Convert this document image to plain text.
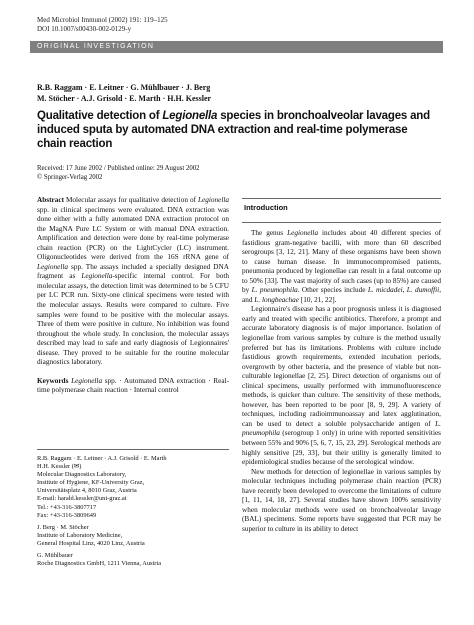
Med Microbiol Immunol (2002) 191: 119–125
DOI 10.1007/s00430-002-0129-y
ORIGINAL INVESTIGATION
R.B. Raggam · E. Leitner · G. Mühlbauer · J. Berg
M. Stöcher · A.J. Grisold · E. Marth · H.H. Kessler
Qualitative detection of Legionella species in bronchoalveolar lavages and induced sputa by automated DNA extraction and real-time polymerase chain reaction
Received: 17 June 2002 / Published online: 29 August 2002
© Springer-Verlag 2002

Abstract Molecular assays for qualitative detection of Legionella spp. in clinical specimens were evaluated. DNA extraction was done either with a fully automated DNA extraction protocol on the MagNA Pure LC System or with manual DNA extraction. Amplification and detection were done by real-time polymerase chain reaction (PCR) on the LightCycler (LC) instrument. Oligonucleotides were derived from the 16S rRNA gene of Legionella spp. The assays included a specially designed DNA fragment as Legionella-specific internal control. For both molecular assays, the detection limit was determined to be 5 CFU per LC PCR run. Sixty-one clinical specimens were tested with the molecular assays. Results were compared to culture. Five samples were found to be positive with the molecular assays. Three of them were positive in culture. No inhibition was found throughout the whole study. In conclusion, the molecular assays described may lead to safe and early diagnosis of Legionnaires' disease. They proved to be suitable for the routine molecular diagnostics laboratory.

Keywords Legionella spp. · Automated DNA extraction · Real-time polymerase chain reaction · Internal control

R.B. Raggam · E. Leitner · A.J. Grisold · E. Marth
H.H. Kessler (✉)
Molecular Diagnostics Laboratory,
Institute of Hygiene, KF-University Graz,
Universitätsplatz 4, 8010 Graz, Austria
E-mail: harald.kessler@uni-graz.at
Tel.: +43-316-3807717
Fax: +43-316-3809649

J. Berg · M. Stöcher
Institute of Laboratory Medicine,
General Hospital Linz, 4020 Linz, Austria

G. Mühlbauer
Roche Diagnostics GmbH, 1211 Vienna, Austria

Introduction

The genus Legionella includes about 40 different species of fastidious gram-negative bacilli, with more than 60 described serogroups [3, 12, 21]. Many of these organisms have been shown to cause human disease. In immunocompromised patients, pneumonia produced by legionellae can result in a fatal outcome up to 50% [33]. The vast majority of such cases (up to 85%) are caused by L. pneumophila. Other species include L. micdadei, L. dumoffii, and L. longbeachae [10, 21, 22].

Legionnaire's disease has a poor prognosis unless it is diagnosed early and treated with specific antibiotics. Therefore, a prompt and accurate laboratory diagnosis is of major importance. Isolation of legionellae from various samples by culture is the method usually preferred but has its limitations. Problems with culture include fastidious growth requirements, extended incubation periods, overgrowth by other bacteria, and the presence of viable but non-culturable legionellae [2, 25]. Direct detection of organisms out of clinical specimens, usually performed with immunofluorescence methods, is quicker than culture. The sensitivity of these methods, however, has been reported to be poor [8, 9, 29]. A variety of techniques, including radioimmunoassay and latex agglutination, can be used to detect a soluble polysaccharide antigen of L. pneumophila (serogroup 1 only) in urine with reported sensitivities between 55% and 90% [5, 6, 7, 15, 23, 29]. Serological methods are highly sensitive [29, 33], but their utility is generally limited to epidemiological studies because of the serological window.

New methods for detection of legionellae in various samples by molecular techniques including polymerase chain reaction (PCR) have recently been developed to overcome the limitations of culture [1, 11, 14, 18, 27]. Several studies have shown 100% sensitivity when molecular methods were used on bronchoalveolar lavage (BAL) specimens. Some reports have suggested that PCR may be superior to culture in its ability to detect
